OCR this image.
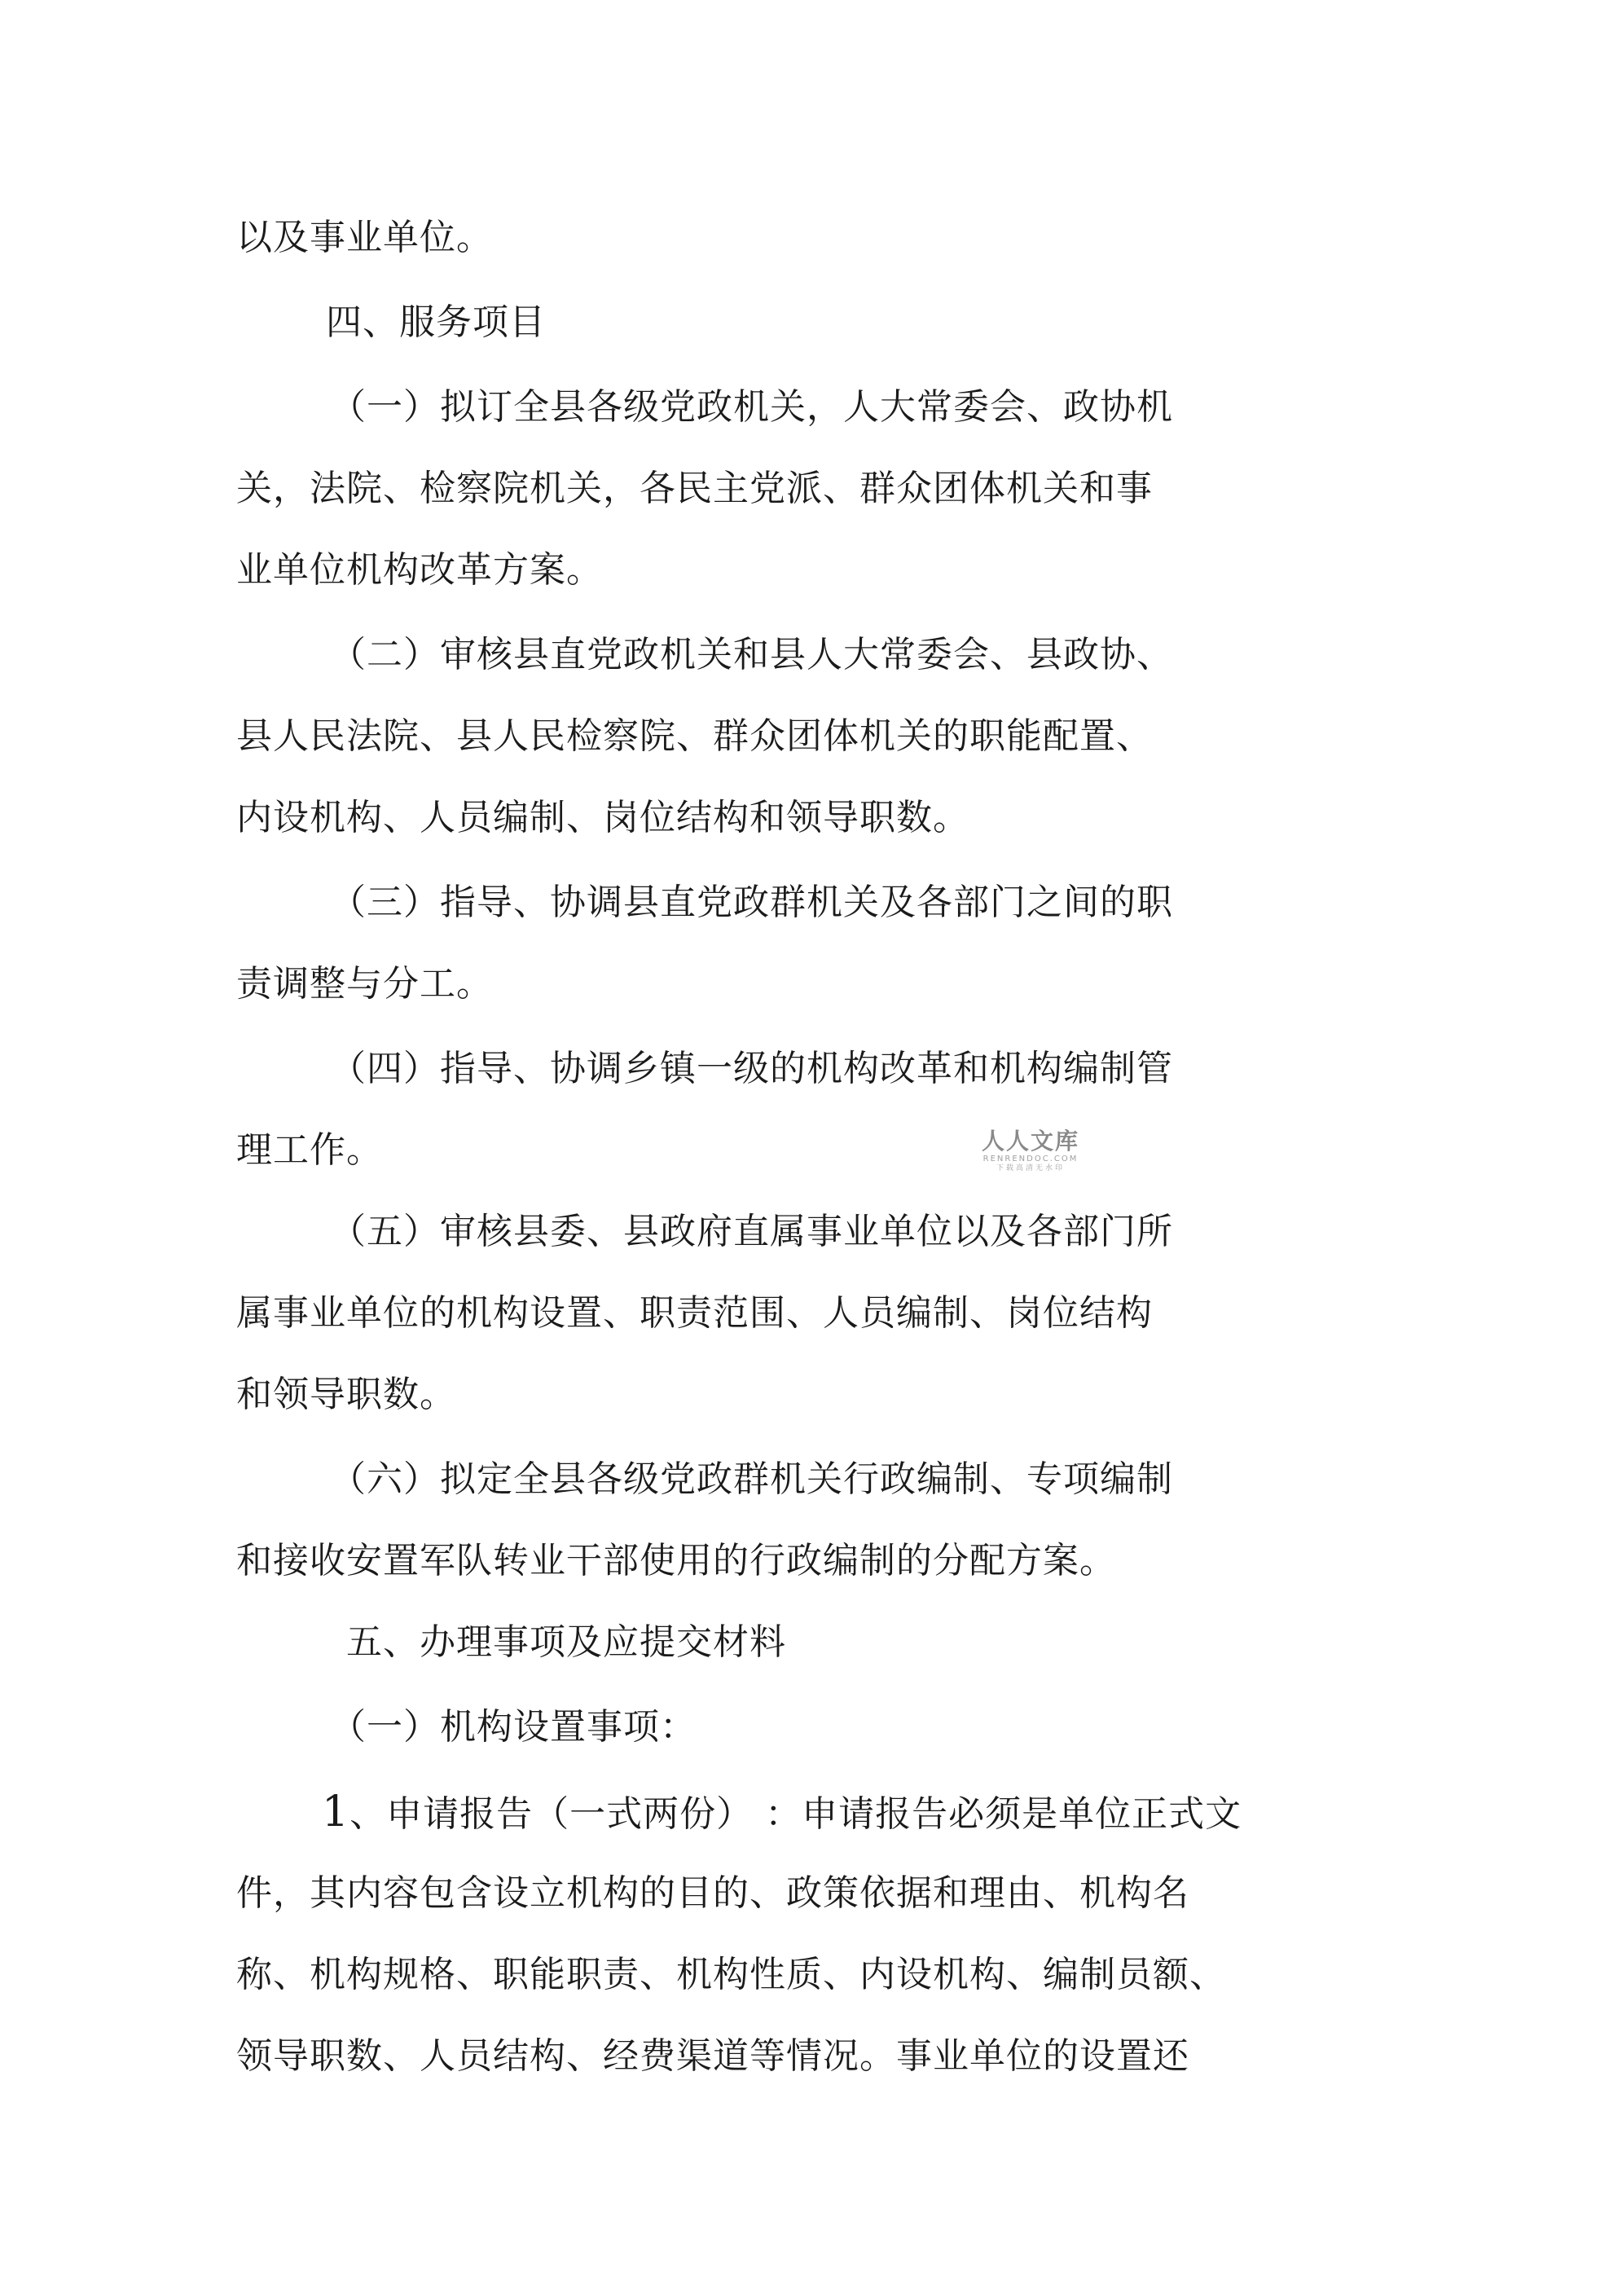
以及事业单位。
四、服务项目
（一）拟订全县各级党政机关，人大常委会、政协机
关，法院、检察院机关，各民主党派、群众团体机关和事
业单位机构改革方案。
（二）审核县直党政机关和县人大常委会、县政协、
县人民法院、县人民检察院、群众团体机关的职能配置、
内设机构、人员编制、岗位结构和领导职数。
（三）指导、协调县直党政群机关及各部门之间的职
责调整与分工。
（四）指导、协调乡镇一级的机构改革和机构编制管
理工作。
（五）审核县委、县政府直属事业单位以及各部门所
属事业单位的机构设置、职责范围、人员编制、岗位结构
和领导职数。
（六）拟定全县各级党政群机关行政编制、专项编制
和接收安置军队转业干部使用的行政编制的分配方案。
五、办理事项及应提交材料
（一）机构设置事项：
1、申请报告（一式两份） ：申请报告必须是单位正式文
件，其内容包含设立机构的目的、政策依据和理由、机构名
称、机构规格、职能职责、机构性质、内设机构、编制员额、
领导职数、人员结构、经费渠道等情况。事业单位的设置还
人人文库
RENRENDOC.COM
下载高清无水印
